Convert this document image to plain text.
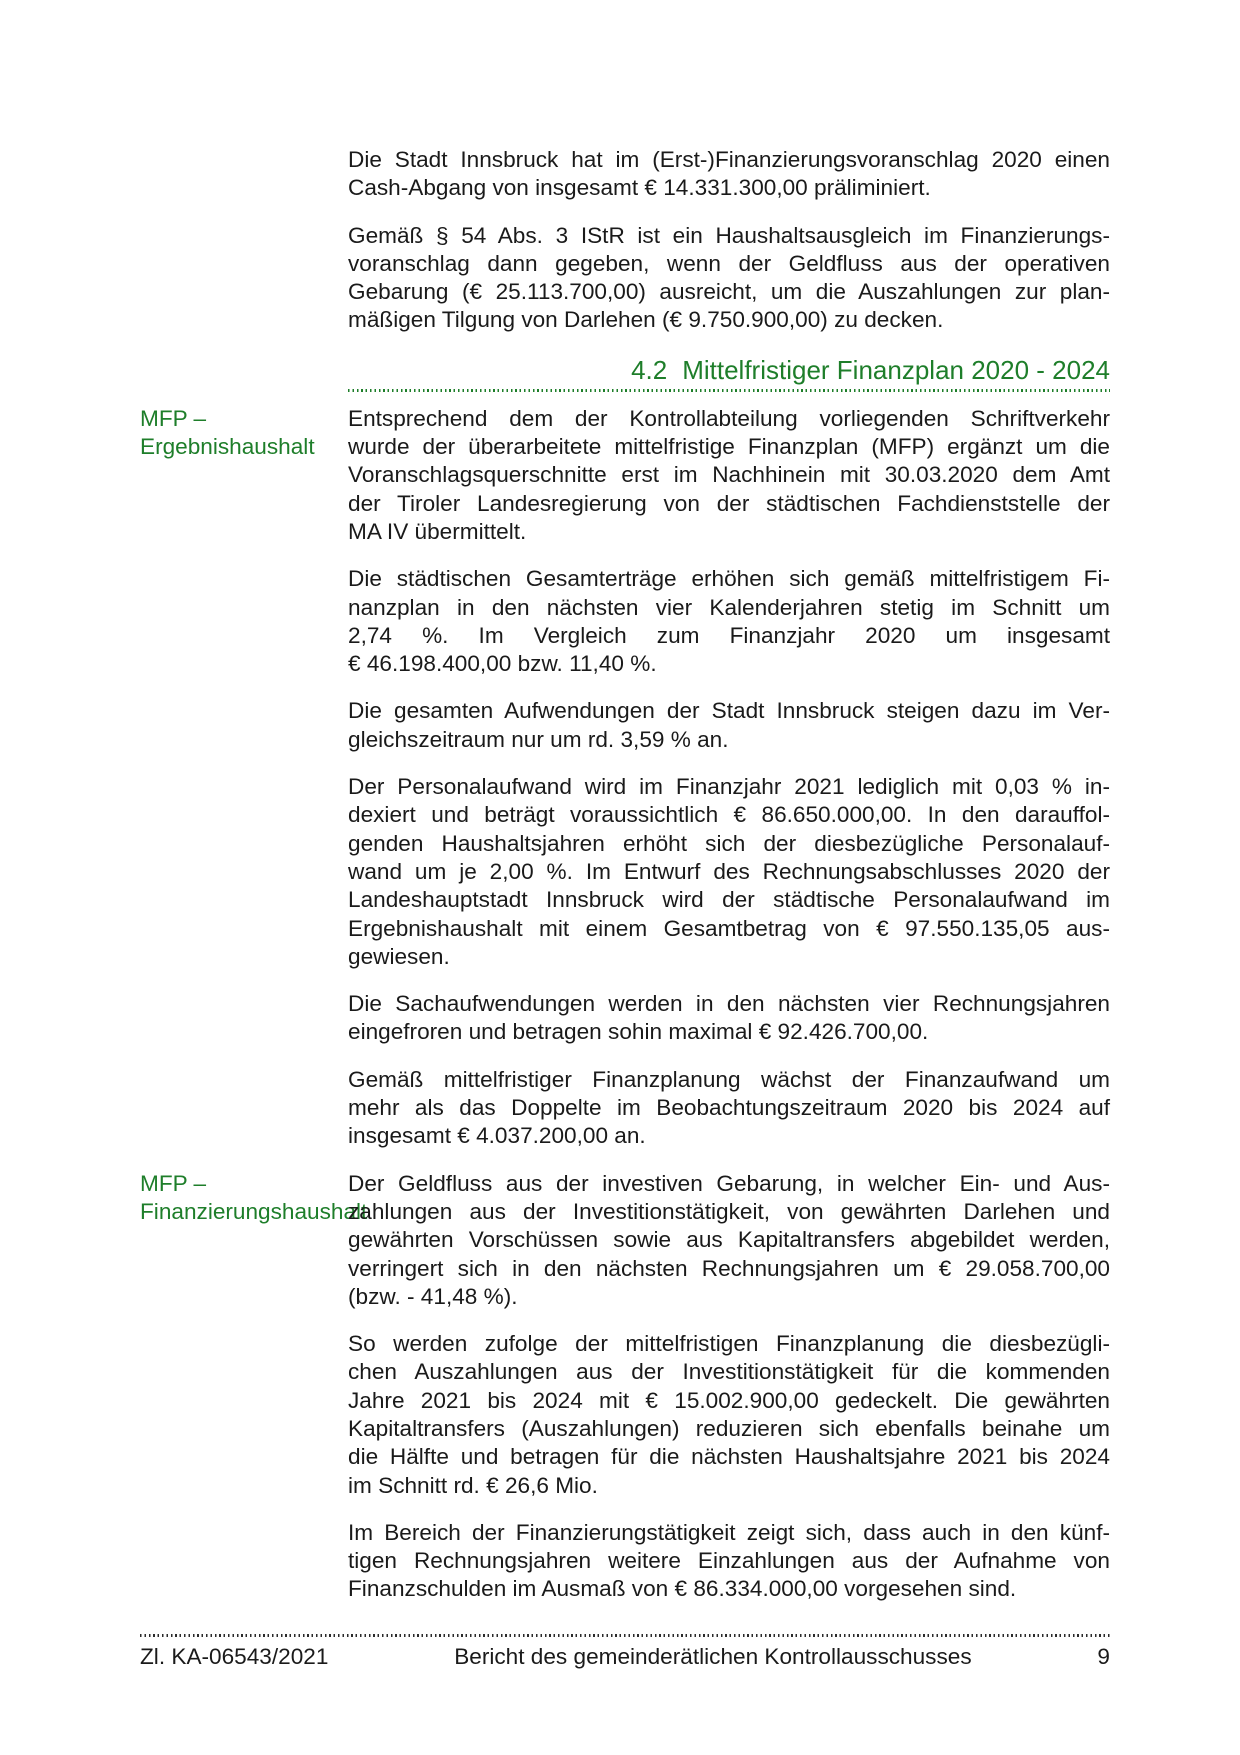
Die Stadt Innsbruck hat im (Erst-)Finanzierungsvoranschlag 2020 einen
Cash-Abgang von insgesamt € 14.331.300,00 präliminiert.
Gemäß § 54 Abs. 3 IStR ist ein Haushaltsausgleich im Finanzierungs-
voranschlag dann gegeben, wenn der Geldfluss aus der operativen
Gebarung (€ 25.113.700,00) ausreicht, um die Auszahlungen zur plan-
mäßigen Tilgung von Darlehen (€ 9.750.900,00) zu decken.
4.2 Mittelfristiger Finanzplan 2020 - 2024
MFP –
Ergebnishaushalt
Entsprechend dem der Kontrollabteilung vorliegenden Schriftverkehr
wurde der überarbeitete mittelfristige Finanzplan (MFP) ergänzt um die
Voranschlagsquerschnitte erst im Nachhinein mit 30.03.2020 dem Amt
der Tiroler Landesregierung von der städtischen Fachdienststelle der
MA IV übermittelt.
Die städtischen Gesamterträge erhöhen sich gemäß mittelfristigem Fi-
nanzplan in den nächsten vier Kalenderjahren stetig im Schnitt um
2,74 %. Im Vergleich zum Finanzjahr 2020 um insgesamt
€ 46.198.400,00 bzw. 11,40 %.
Die gesamten Aufwendungen der Stadt Innsbruck steigen dazu im Ver-
gleichszeitraum nur um rd. 3,59 % an.
Der Personalaufwand wird im Finanzjahr 2021 lediglich mit 0,03 % in-
dexiert und beträgt voraussichtlich € 86.650.000,00. In den darauffol-
genden Haushaltsjahren erhöht sich der diesbezügliche Personalauf-
wand um je 2,00 %. Im Entwurf des Rechnungsabschlusses 2020 der
Landeshauptstadt Innsbruck wird der städtische Personalaufwand im
Ergebnishaushalt mit einem Gesamtbetrag von € 97.550.135,05 aus-
gewiesen.
Die Sachaufwendungen werden in den nächsten vier Rechnungsjahren
eingefroren und betragen sohin maximal € 92.426.700,00.
Gemäß mittelfristiger Finanzplanung wächst der Finanzaufwand um
mehr als das Doppelte im Beobachtungszeitraum 2020 bis 2024 auf
insgesamt € 4.037.200,00 an.
MFP –
Finanzierungshaushalt
Der Geldfluss aus der investiven Gebarung, in welcher Ein- und Aus-
zahlungen aus der Investitionstätigkeit, von gewährten Darlehen und
gewährten Vorschüssen sowie aus Kapitaltransfers abgebildet werden,
verringert sich in den nächsten Rechnungsjahren um € 29.058.700,00
(bzw. - 41,48 %).
So werden zufolge der mittelfristigen Finanzplanung die diesbezügli-
chen Auszahlungen aus der Investitionstätigkeit für die kommenden
Jahre 2021 bis 2024 mit € 15.002.900,00 gedeckelt. Die gewährten
Kapitaltransfers (Auszahlungen) reduzieren sich ebenfalls beinahe um
die Hälfte und betragen für die nächsten Haushaltsjahre 2021 bis 2024
im Schnitt rd. € 26,6 Mio.
Im Bereich der Finanzierungstätigkeit zeigt sich, dass auch in den künf-
tigen Rechnungsjahren weitere Einzahlungen aus der Aufnahme von
Finanzschulden im Ausmaß von € 86.334.000,00 vorgesehen sind.
Zl. KA-06543/2021	Bericht des gemeinderätlichen Kontrollausschusses	9
